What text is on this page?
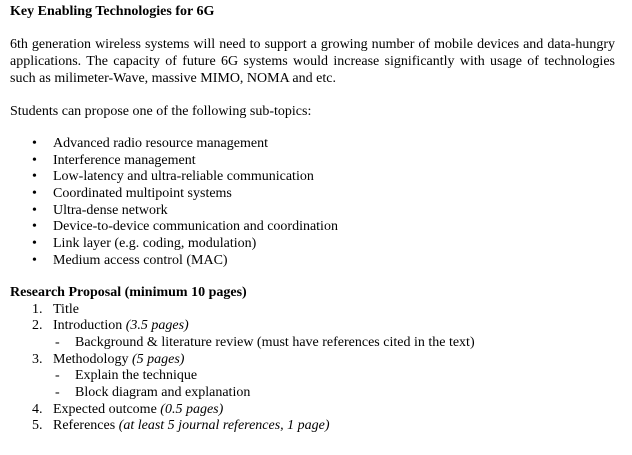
Key Enabling Technologies for 6G

6th generation wireless systems will need to support a growing number of mobile devices and data-hungry applications. The capacity of future 6G systems would increase significantly with usage of technologies such as milimeter-Wave, massive MIMO, NOMA and etc.

Students can propose one of the following sub-topics:

• Advanced radio resource management
• Interference management
• Low-latency and ultra-reliable communication
• Coordinated multipoint systems
• Ultra-dense network
• Device-to-device communication and coordination
• Link layer (e.g. coding, modulation)
• Medium access control (MAC)

Research Proposal (minimum 10 pages)

1. Title
2. Introduction (3.5 pages)
- Background & literature review (must have references cited in the text)
3. Methodology (5 pages)
- Explain the technique
- Block diagram and explanation
4. Expected outcome (0.5 pages)
5. References (at least 5 journal references, 1 page)
